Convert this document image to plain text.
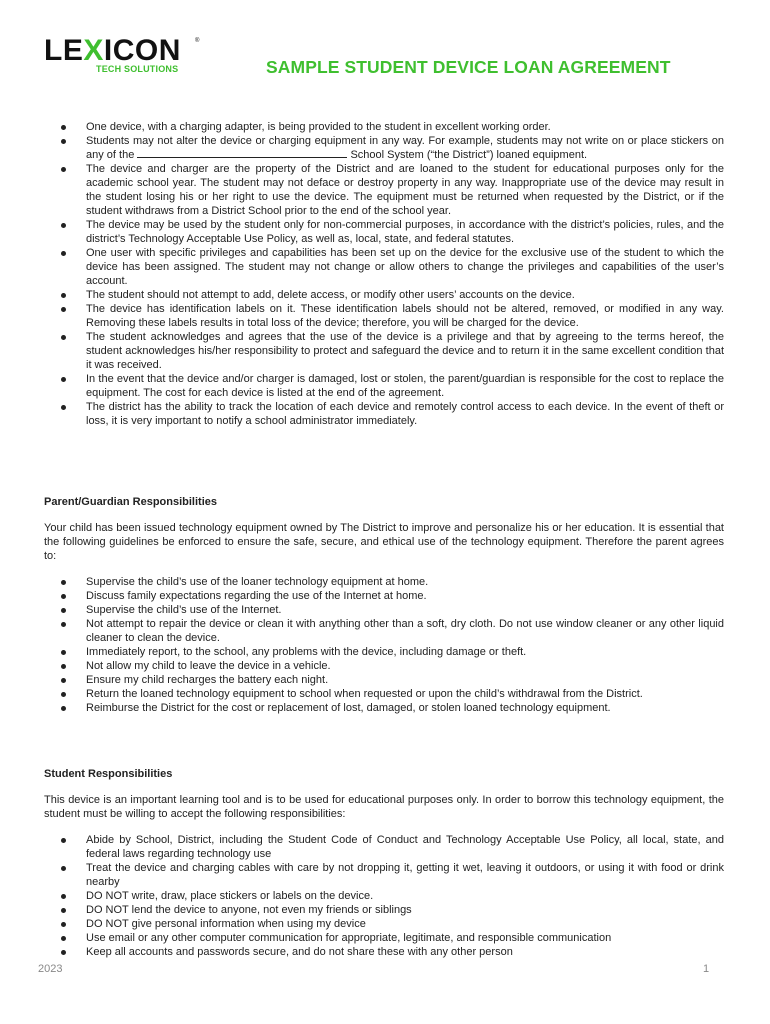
LEXICON ®
TECH SOLUTIONS	SAMPLE STUDENT DEVICE LOAN AGREEMENT
One device, with a charging adapter, is being provided to the student in excellent working order.
Students may not alter the device or charging equipment in any way. For example, students may not write on or place stickers on any of the	School System (“the District”) loaned equipment.
The device and charger are the property of the District and are loaned to the student for educational purposes only for the academic school year. The student may not deface or destroy property in any way. Inappropriate use of the device may result in the student losing his or her right to use the device. The equipment must be returned when requested by the District, or if the student withdraws from a District School prior to the end of the school year.
The device may be used by the student only for non-commercial purposes, in accordance with the district’s policies, rules, and the district’s Technology Acceptable Use Policy, as well as, local, state, and federal statutes.
One user with specific privileges and capabilities has been set up on the device for the exclusive use of the student to which the device has been assigned. The student may not change or allow others to change the privileges and capabilities of the user’s account.
The student should not attempt to add, delete access, or modify other users’ accounts on the device.
The device has identification labels on it. These identification labels should not be altered, removed, or modified in any way. Removing these labels results in total loss of the device; therefore, you will be charged for the device.
The student acknowledges and agrees that the use of the device is a privilege and that by agreeing to the terms hereof, the student acknowledges his/her responsibility to protect and safeguard the device and to return it in the same excellent condition that it was received.
In the event that the device and/or charger is damaged, lost or stolen, the parent/guardian is responsible for the cost to replace the equipment. The cost for each device is listed at the end of the agreement.
The district has the ability to track the location of each device and remotely control access to each device. In the event of theft or loss, it is very important to notify a school administrator immediately.
Parent/Guardian Responsibilities
Your child has been issued technology equipment owned by The District to improve and personalize his or her education. It is essential that the following guidelines be enforced to ensure the safe, secure, and ethical use of the technology equipment. Therefore the parent agrees to:
Supervise the child’s use of the loaner technology equipment at home.
Discuss family expectations regarding the use of the Internet at home.
Supervise the child’s use of the Internet.
Not attempt to repair the device or clean it with anything other than a soft, dry cloth. Do not use window cleaner or any other liquid cleaner to clean the device.
Immediately report, to the school, any problems with the device, including damage or theft.
Not allow my child to leave the device in a vehicle.
Ensure my child recharges the battery each night.
Return the loaned technology equipment to school when requested or upon the child’s withdrawal from the District.
Reimburse the District for the cost or replacement of lost, damaged, or stolen loaned technology equipment.
Student Responsibilities
This device is an important learning tool and is to be used for educational purposes only. In order to borrow this technology equipment, the student must be willing to accept the following responsibilities:
Abide by School, District, including the Student Code of Conduct and Technology Acceptable Use Policy, all local, state, and federal laws regarding technology use
Treat the device and charging cables with care by not dropping it, getting it wet, leaving it outdoors, or using it with food or drink nearby
DO NOT write, draw, place stickers or labels on the device.
DO NOT lend the device to anyone, not even my friends or siblings
DO NOT give personal information when using my device
Use email or any other computer communication for appropriate, legitimate, and responsible communication
Keep all accounts and passwords secure, and do not share these with any other person
2023	1
